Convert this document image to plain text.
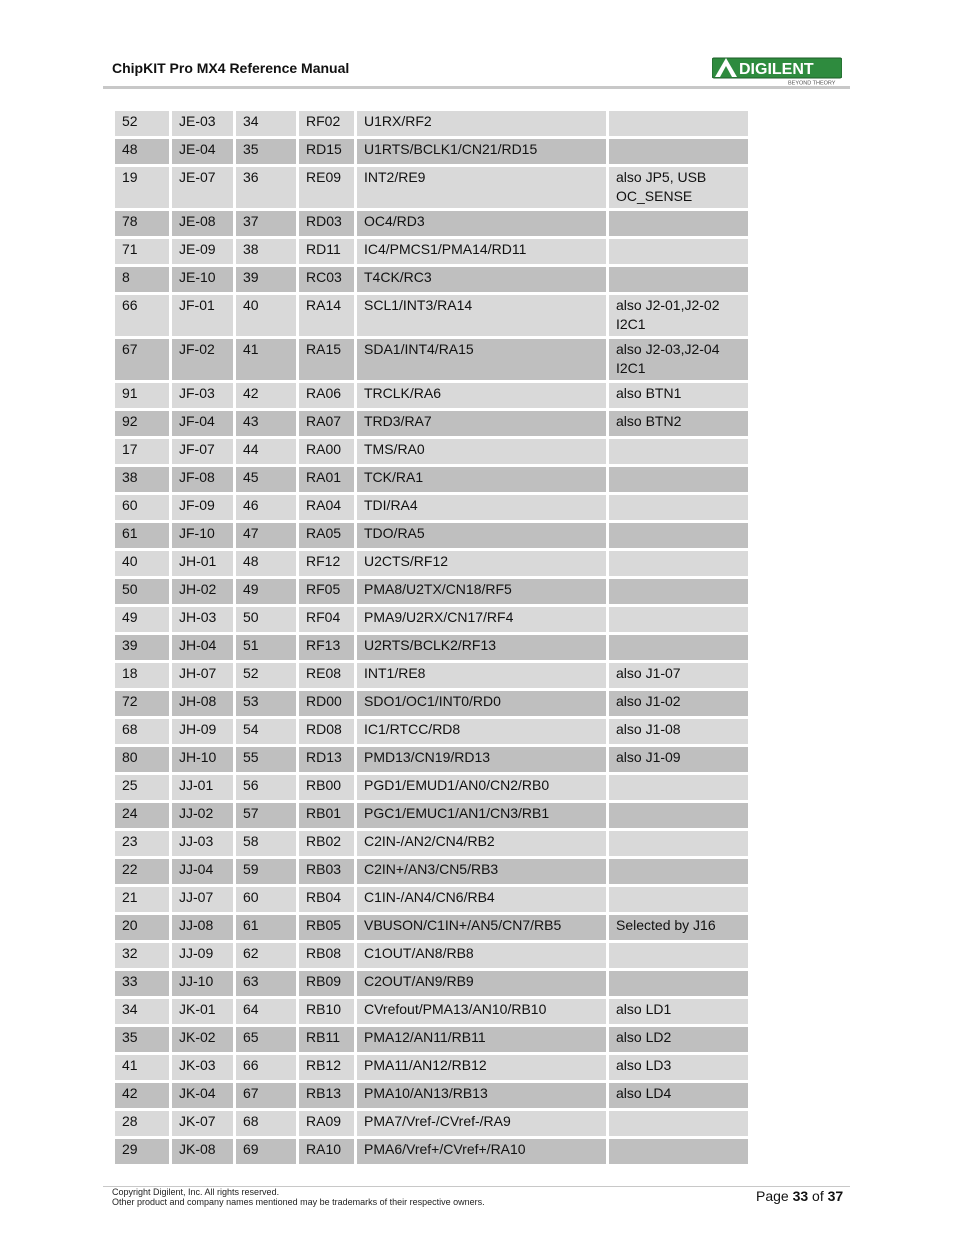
ChipKIT Pro MX4 Reference Manual	DIGILENT
BEYOND THEORY
52	JE-03	34	RF02	U1RX/RF2	
48	JE-04	35	RD15	U1RTS/BCLK1/CN21/RD15	
19	JE-07	36	RE09	INT2/RE9	also JP5, USB OC_SENSE
78	JE-08	37	RD03	OC4/RD3	
71	JE-09	38	RD11	IC4/PMCS1/PMA14/RD11	
8	JE-10	39	RC03	T4CK/RC3	
66	JF-01	40	RA14	SCL1/INT3/RA14	also J2-01,J2-02 I2C1
67	JF-02	41	RA15	SDA1/INT4/RA15	also J2-03,J2-04 I2C1
91	JF-03	42	RA06	TRCLK/RA6	also BTN1
92	JF-04	43	RA07	TRD3/RA7	also BTN2
17	JF-07	44	RA00	TMS/RA0	
38	JF-08	45	RA01	TCK/RA1	
60	JF-09	46	RA04	TDI/RA4	
61	JF-10	47	RA05	TDO/RA5	
40	JH-01	48	RF12	U2CTS/RF12	
50	JH-02	49	RF05	PMA8/U2TX/CN18/RF5	
49	JH-03	50	RF04	PMA9/U2RX/CN17/RF4	
39	JH-04	51	RF13	U2RTS/BCLK2/RF13	
18	JH-07	52	RE08	INT1/RE8	also J1-07
72	JH-08	53	RD00	SDO1/OC1/INT0/RD0	also J1-02
68	JH-09	54	RD08	IC1/RTCC/RD8	also J1-08
80	JH-10	55	RD13	PMD13/CN19/RD13	also J1-09
25	JJ-01	56	RB00	PGD1/EMUD1/AN0/CN2/RB0	
24	JJ-02	57	RB01	PGC1/EMUC1/AN1/CN3/RB1	
23	JJ-03	58	RB02	C2IN-/AN2/CN4/RB2	
22	JJ-04	59	RB03	C2IN+/AN3/CN5/RB3	
21	JJ-07	60	RB04	C1IN-/AN4/CN6/RB4	
20	JJ-08	61	RB05	VBUSON/C1IN+/AN5/CN7/RB5	Selected by J16
32	JJ-09	62	RB08	C1OUT/AN8/RB8	
33	JJ-10	63	RB09	C2OUT/AN9/RB9	
34	JK-01	64	RB10	CVrefout/PMA13/AN10/RB10	also LD1
35	JK-02	65	RB11	PMA12/AN11/RB11	also LD2
41	JK-03	66	RB12	PMA11/AN12/RB12	also LD3
42	JK-04	67	RB13	PMA10/AN13/RB13	also LD4
28	JK-07	68	RA09	PMA7/Vref-/CVref-/RA9	
29	JK-08	69	RA10	PMA6/Vref+/CVref+/RA10	
Copyright Digilent, Inc. All rights reserved.
Other product and company names mentioned may be trademarks of their respective owners.	Page 33 of 37
